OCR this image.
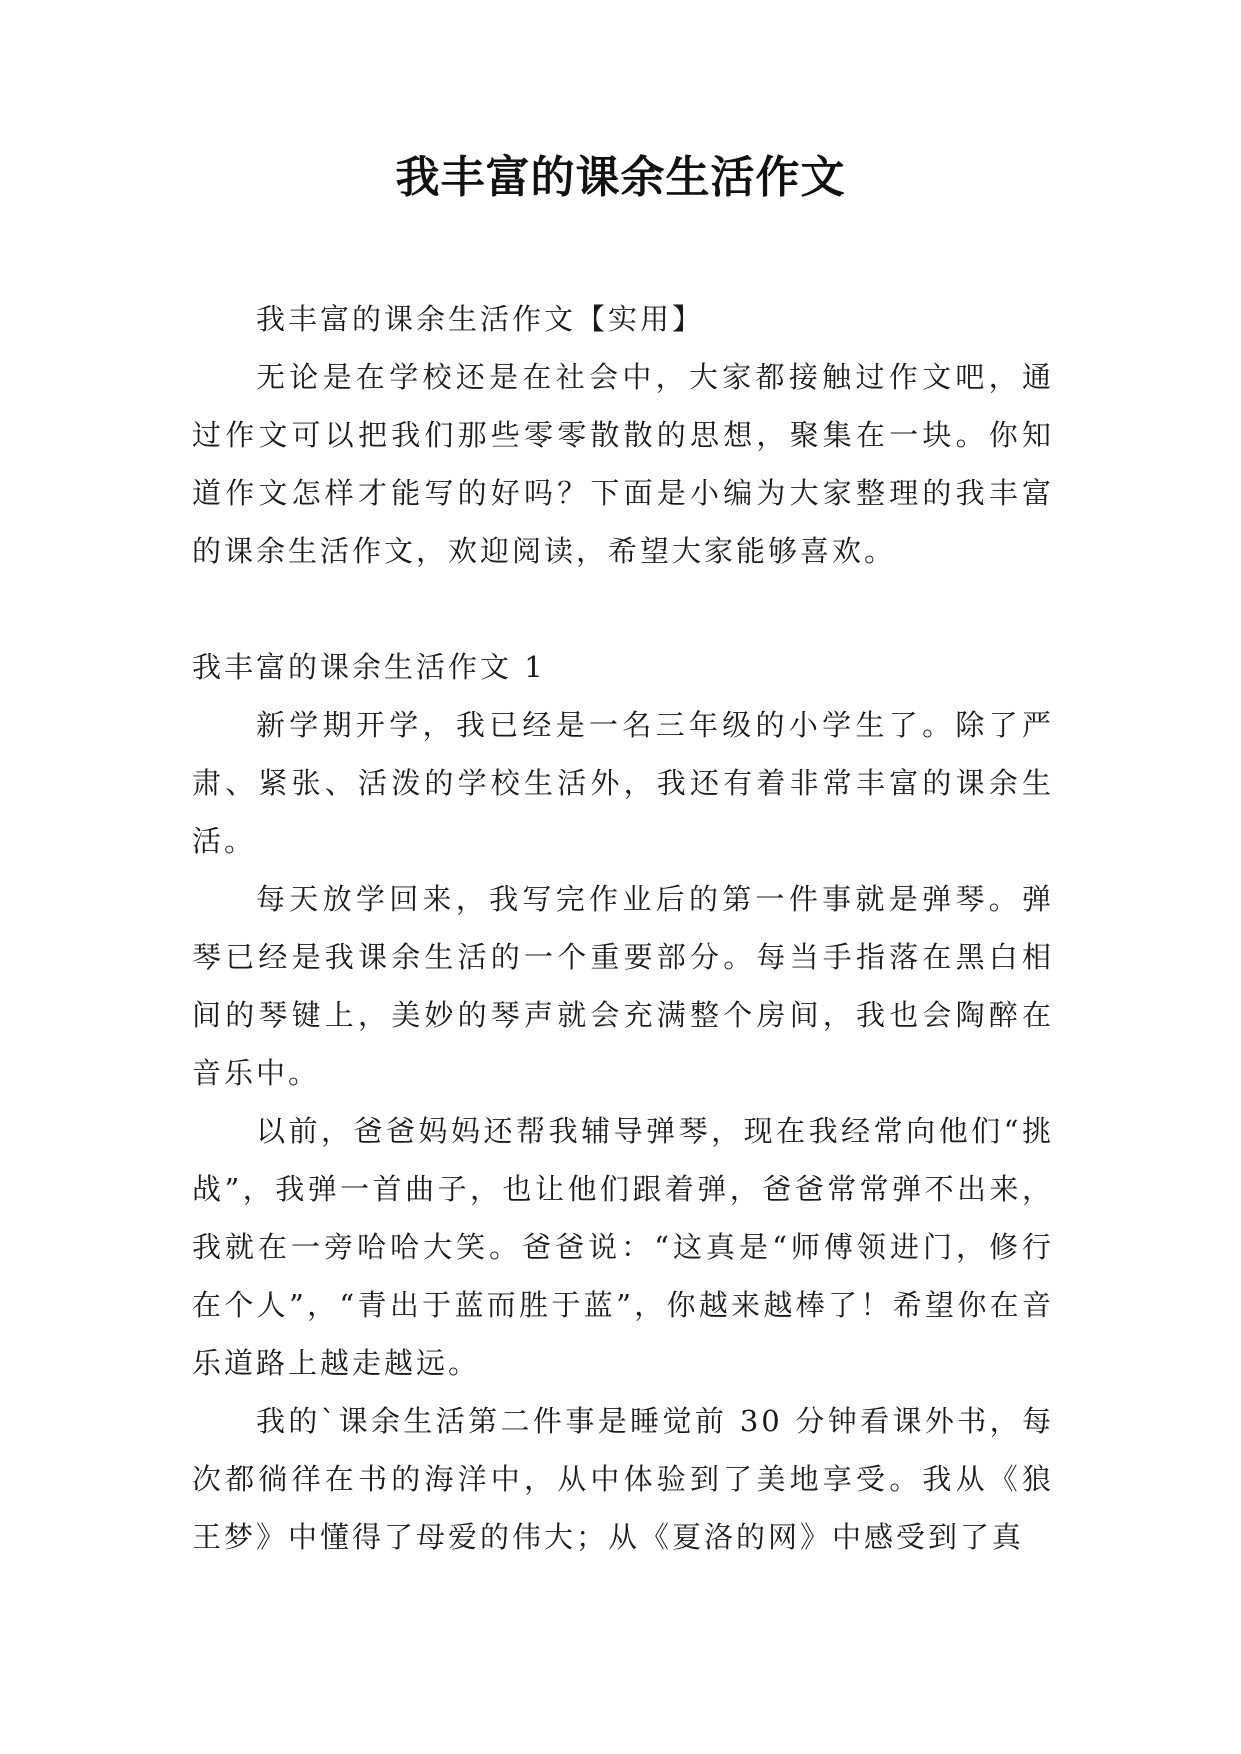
我丰富的课余生活作文

我丰富的课余生活作文【实用】

无论是在学校还是在社会中，大家都接触过作文吧，通过作文可以把我们那些零零散散的思想，聚集在一块。你知道作文怎样才能写的好吗？下面是小编为大家整理的我丰富的课余生活作文，欢迎阅读，希望大家能够喜欢。

我丰富的课余生活作文 1

新学期开学，我已经是一名三年级的小学生了。除了严肃、紧张、活泼的学校生活外，我还有着非常丰富的课余生活。

每天放学回来，我写完作业后的第一件事就是弹琴。弹琴已经是我课余生活的一个重要部分。每当手指落在黑白相间的琴键上，美妙的琴声就会充满整个房间，我也会陶醉在音乐中。

以前，爸爸妈妈还帮我辅导弹琴，现在我经常向他们“挑战”，我弹一首曲子，也让他们跟着弹，爸爸常常弹不出来，我就在一旁哈哈大笑。爸爸说：“这真是“师傅领进门，修行在个人”，“青出于蓝而胜于蓝”，你越来越棒了！希望你在音乐道路上越走越远。

我的`课余生活第二件事是睡觉前 30 分钟看课外书，每次都徜徉在书的海洋中，从中体验到了美地享受。我从《狼王梦》中懂得了母爱的伟大；从《夏洛的网》中感受到了真
